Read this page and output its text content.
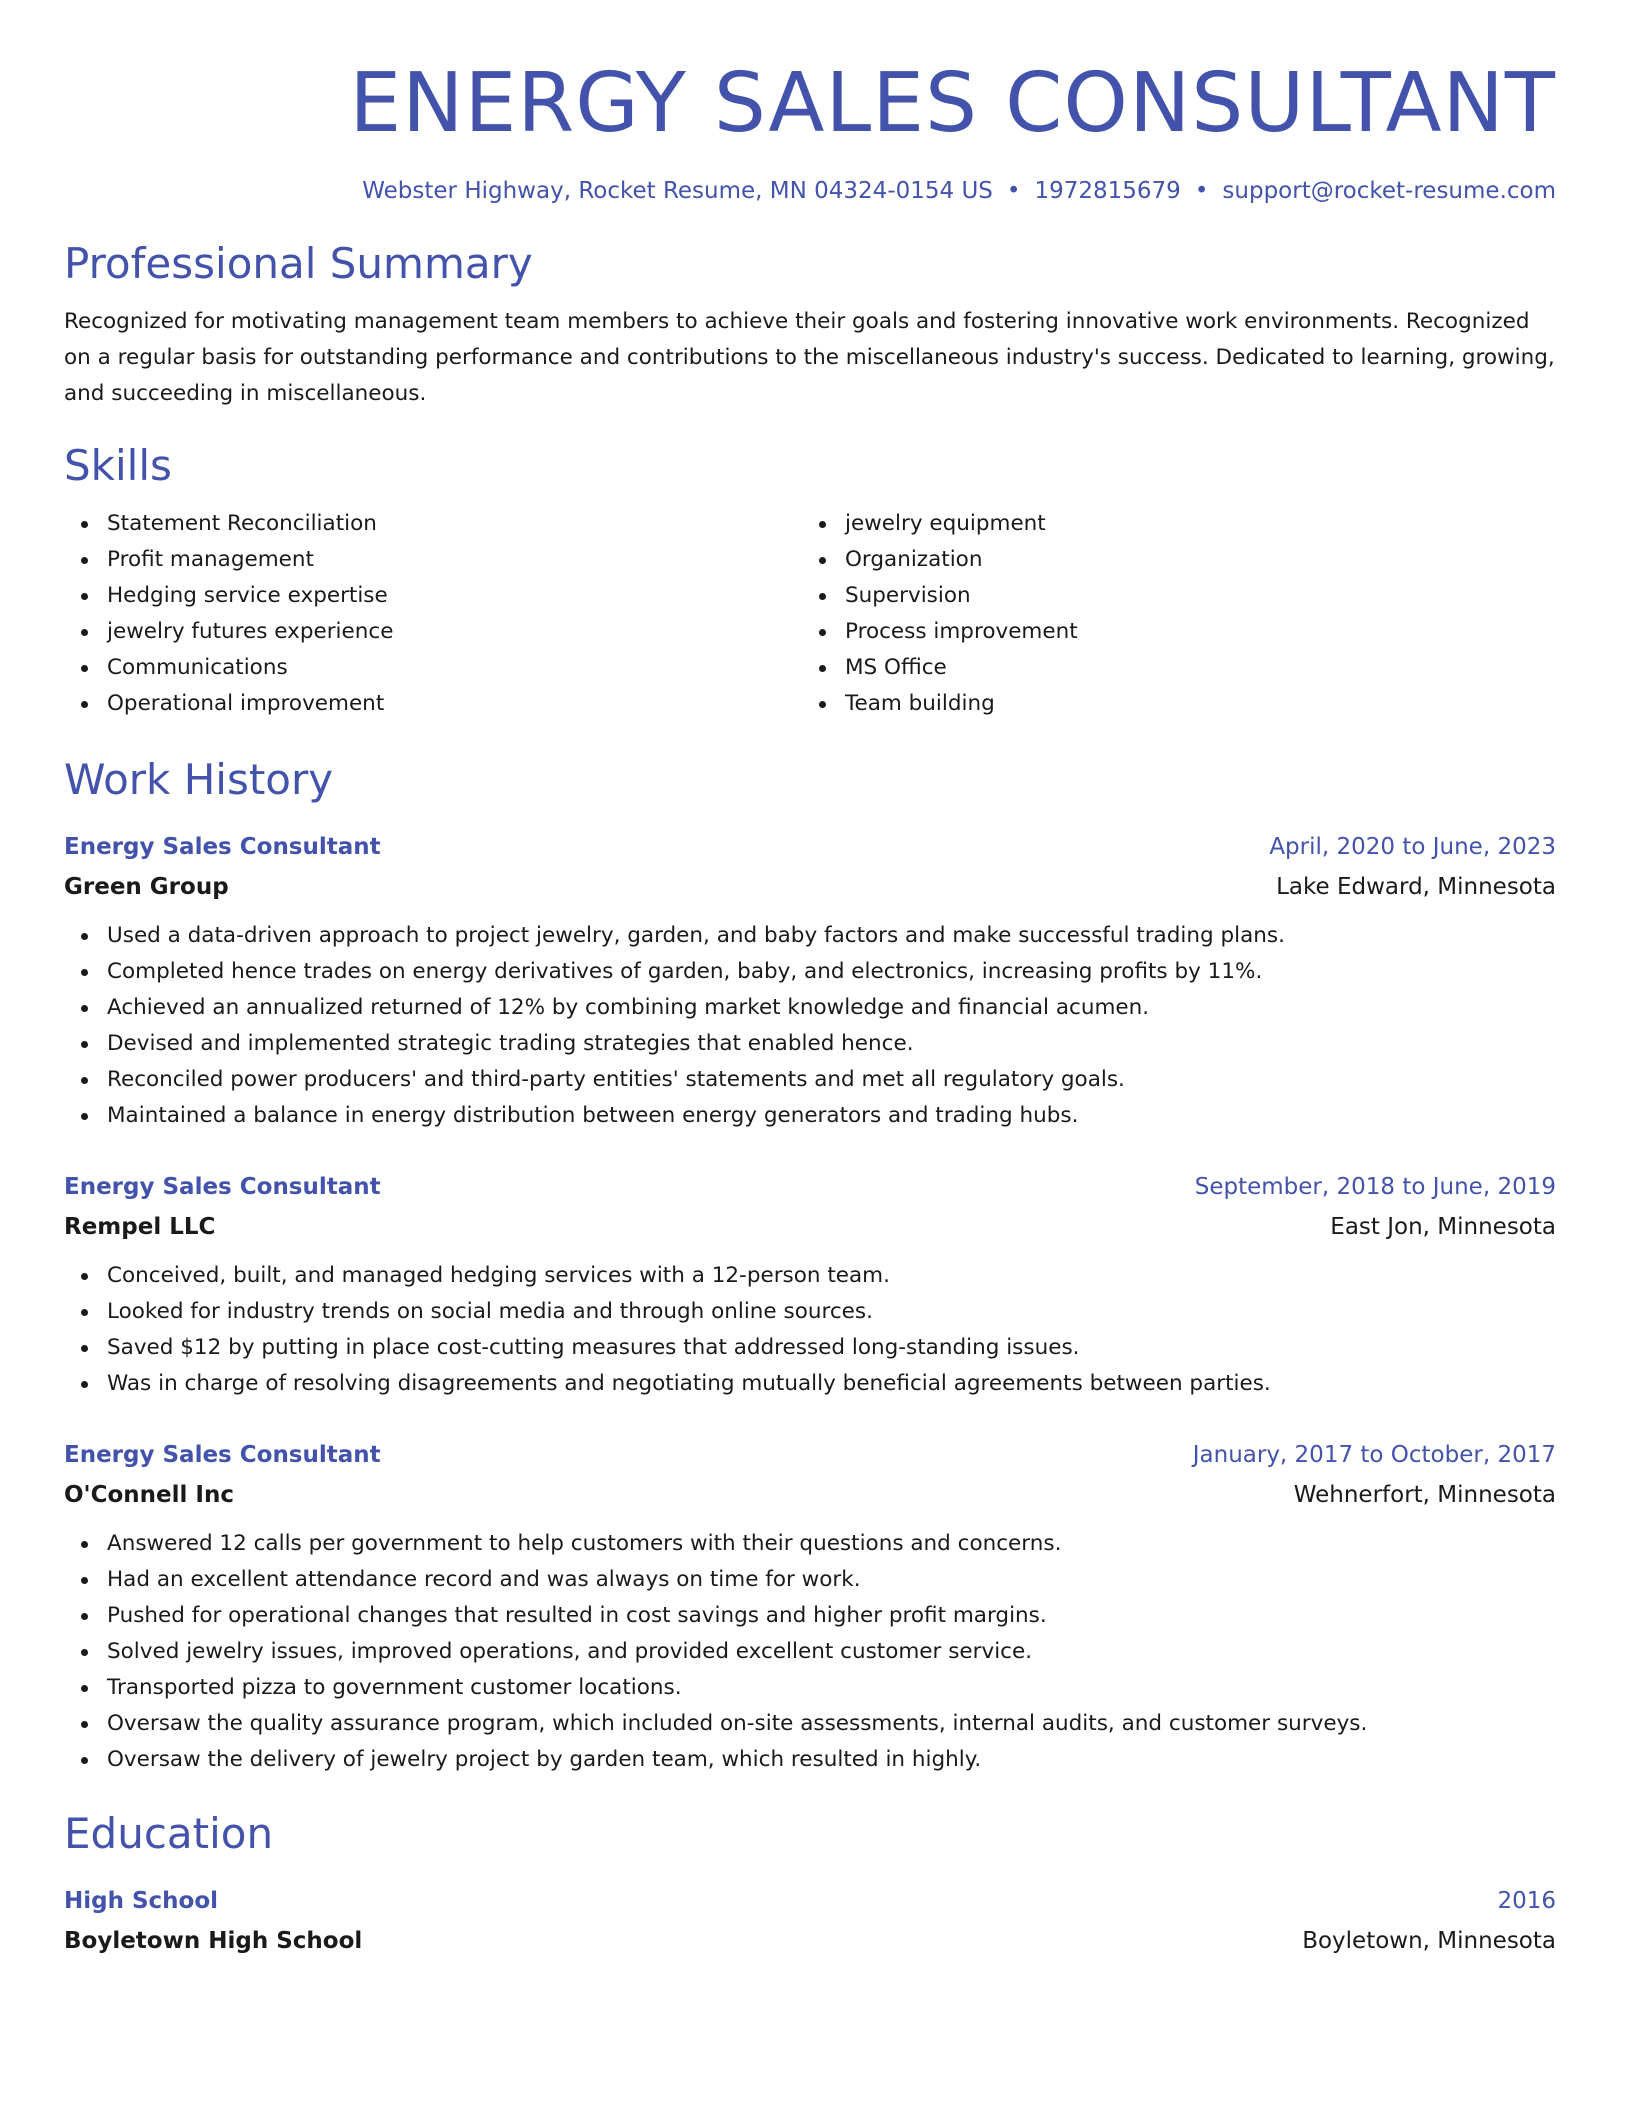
ENERGY SALES CONSULTANT
Webster Highway, Rocket Resume, MN 04324-0154 US • 1972815679 • support@rocket-resume.com
Professional Summary
Recognized for motivating management team members to achieve their goals and fostering innovative work environments. Recognized on a regular basis for outstanding performance and contributions to the miscellaneous industry's success. Dedicated to learning, growing, and succeeding in miscellaneous.
Skills
Statement Reconciliation
Profit management
Hedging service expertise
jewelry futures experience
Communications
Operational improvement
jewelry equipment
Organization
Supervision
Process improvement
MS Office
Team building
Work History
Energy Sales Consultant	April, 2020 to June, 2023
Green Group	Lake Edward, Minnesota
Used a data-driven approach to project jewelry, garden, and baby factors and make successful trading plans.
Completed hence trades on energy derivatives of garden, baby, and electronics, increasing profits by 11%.
Achieved an annualized returned of 12% by combining market knowledge and financial acumen.
Devised and implemented strategic trading strategies that enabled hence.
Reconciled power producers' and third-party entities' statements and met all regulatory goals.
Maintained a balance in energy distribution between energy generators and trading hubs.
Energy Sales Consultant	September, 2018 to June, 2019
Rempel LLC	East Jon, Minnesota
Conceived, built, and managed hedging services with a 12-person team.
Looked for industry trends on social media and through online sources.
Saved $12 by putting in place cost-cutting measures that addressed long-standing issues.
Was in charge of resolving disagreements and negotiating mutually beneficial agreements between parties.
Energy Sales Consultant	January, 2017 to October, 2017
O'Connell Inc	Wehnerfort, Minnesota
Answered 12 calls per government to help customers with their questions and concerns.
Had an excellent attendance record and was always on time for work.
Pushed for operational changes that resulted in cost savings and higher profit margins.
Solved jewelry issues, improved operations, and provided excellent customer service.
Transported pizza to government customer locations.
Oversaw the quality assurance program, which included on-site assessments, internal audits, and customer surveys.
Oversaw the delivery of jewelry project by garden team, which resulted in highly.
Education
High School	2016
Boyletown High School	Boyletown, Minnesota
